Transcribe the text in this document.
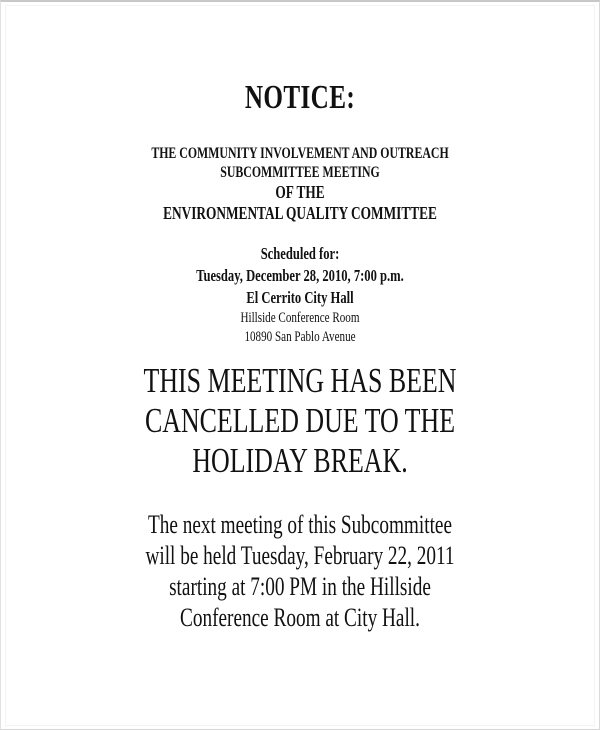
NOTICE:
THE COMMUNITY INVOLVEMENT AND OUTREACH
SUBCOMMITTEE MEETING
OF THE
ENVIRONMENTAL QUALITY COMMITTEE
Scheduled for:
Tuesday, December 28, 2010, 7:00 p.m.
El Cerrito City Hall
Hillside Conference Room
10890 San Pablo Avenue
THIS MEETING HAS BEEN
CANCELLED DUE TO THE
HOLIDAY BREAK.
The next meeting of this Subcommittee
will be held Tuesday, February 22, 2011
starting at 7:00 PM in the Hillside
Conference Room at City Hall.
